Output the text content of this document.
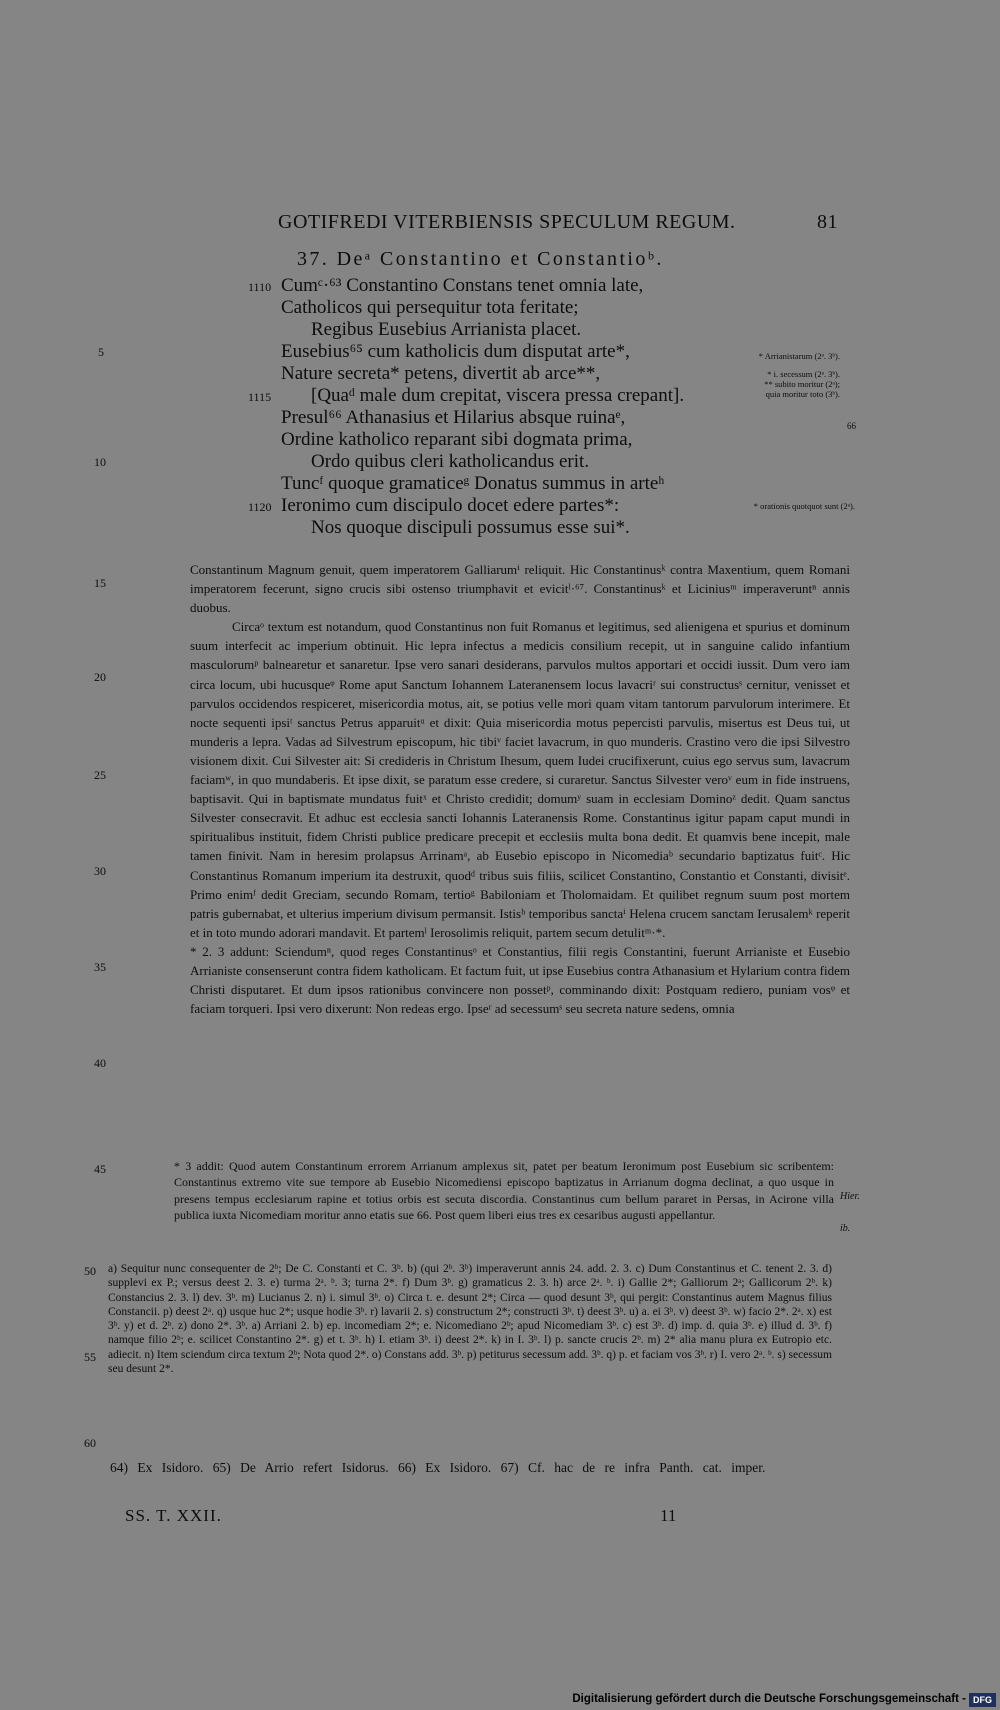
GOTIFREDI VITERBIENSIS SPECULUM REGUM.	81
37. Deᵃ Constantino et Constantioᵇ.
Cumᶜ·⁶³ Constantino Constans tenet omnia late,
1110
Catholicos qui persequitur tota feritate;
Regibus Eusebius Arrianista placet.
Eusebius⁶⁵ cum katholicis dum disputat arte*,
Nature secreta* petens, divertit ab arce**,
[Quaᵈ male dum crepitat, viscera pressa crepant].
1115
Presul⁶⁶ Athanasius et Hilarius absque ruinaᵉ,
Ordine katholico reparant sibi dogmata prima,
Ordo quibus cleri katholicandus erit.
Tuncᶠ quoque gramaticeᵍ Donatus summus in arteʰ
Ieronimo cum discipulo docet edere partes*:
1120
Nos quoque discipuli possumus esse sui*.
5
10
15
20
25
30
35
40
45
50
55
60
* Arrianistarum (2ᵃ. 3ᵇ).
* i. secessum (2ᵃ. 3ᵇ).
** subito moritur (2ᵃ);
quia moritur toto (3ᵇ).
* orationis quotquot sunt (2ᵃ).
66

Constantinum Magnum genuit, quem imperatorem Galliarumⁱ reliquit. Hic Constantinusᵏ contra Maxentium, quem Romani imperatorem fecerunt, signo crucis sibi ostenso triumphavit et evicitˡ·⁶⁷. Constantinusᵏ et Liciniusᵐ imperaveruntⁿ annis duobus.

Circaᵒ textum est notandum, quod Constantinus non fuit Romanus et legitimus, sed alienigena et spurius et dominum suum interfecit ac imperium obtinuit. Hic lepra infectus a medicis consilium recepit, ut in sanguine calido infantium masculorumᵖ balnearetur et sanaretur. Ipse vero sanari desiderans, parvulos multos apportari et occidi iussit. Dum vero iam circa locum, ubi hucusqueᵠ Rome aput Sanctum Iohannem Lateranensem locus lavacriʳ sui constructusˢ cernitur, venisset et parvulos occidendos respiceret, misericordia motus, ait, se potius velle mori quam vitam tantorum parvulorum interimere. Et nocte sequenti ipsiᵗ sanctus Petrus apparuitᵘ et dixit: Quia misericordia motus pepercisti parvulis, misertus est Deus tui, ut munderis a lepra. Vadas ad Silvestrum episcopum, hic tibiᵛ faciet lavacrum, in quo munderis. Crastino vero die ipsi Silvestro visionem dixit. Cui Silvester ait: Si credideris in Christum Ihesum, quem Iudei crucifixerunt, cuius ego servus sum, lavacrum faciamʷ, in quo mundaberis. Et ipse dixit, se paratum esse credere, si curaretur. Sanctus Silvester veroᵛ eum in fide instruens, baptisavit. Qui in baptismate mundatus fuitˣ et Christo credidit; domumʸ suam in ecclesiam Dominoᶻ dedit. Quam sanctus Silvester consecravit. Et adhuc est ecclesia sancti Iohannis Lateranensis Rome. Constantinus igitur papam caput mundi in spiritualibus instituit, fidem Christi publice predicare precepit et ecclesiis multa bona dedit. Et quamvis bene incepit, male tamen finivit. Nam in heresim prolapsus Arrinamᵃ, ab Eusebio episcopo in Nicomediaᵇ secundario baptizatus fuitᶜ. Hic Constantinus Romanum imperium ita destruxit, quodᵈ tribus suis filiis, scilicet Constantino, Constantio et Constanti, divisitᵉ. Primo enimᶠ dedit Greciam, secundo Romam, tertioᵍ Babiloniam et Tholomaidam. Et quilibet regnum suum post mortem patris gubernabat, et ulterius imperium divisum permansit. Istisʰ temporibus sanctaⁱ Helena crucem sanctam Ierusalemᵏ reperit et in toto mundo adorari mandavit. Et partemˡ Ierosolimis reliquit, partem secum detulitᵐ·*.

* 2. 3 addunt: Sciendumⁿ, quod reges Constantinusᵒ et Constantius, filii regis Constantini, fuerunt Arrianiste et Eusebio Arrianiste consenserunt contra fidem katholicam. Et factum fuit, ut ipse Eusebius contra Athanasium et Hylarium contra fidem Christi disputaret. Et dum ipsos rationibus convincere non possetᵖ, comminando dixit: Postquam rediero, puniam vosᵠ et faciam torqueri. Ipsi vero dixerunt: Non redeas ergo. Ipseʳ ad secessumˢ seu secreta nature sedens, omnia

* 3 addit: Quod autem Constantinum errorem Arrianum amplexus sit, patet per beatum Ieronimum post Eusebium sic scribentem: Constantinus extremo vite sue tempore ab Eusebio Nicomediensi episcopo baptizatus in Arrianum dogma declinat, a quo usque in presens tempus ecclesiarum rapine et totius orbis est secuta discordia. Constantinus cum bellum pararet in Persas, in Acirone villa publica iuxta Nicomediam moritur anno etatis sue 66. Post quem liberi eius tres ex cesaribus augusti appellantur.
Hier.
ib.
a) Sequitur nunc consequenter de 2ᵇ; De C. Constanti et C. 3ᵇ. b) (qui 2ᵇ. 3ᵇ) imperaverunt annis 24. add. 2. 3. c) Dum Constantinus et C. tenent 2. 3. d) supplevi ex P.; versus deest 2. 3. e) turma 2ᵃ. ᵇ. 3; turna 2*. f) Dum 3ᵇ. g) gramaticus 2. 3. h) arce 2ᵃ. ᵇ. i) Gallie 2*; Galliorum 2ᵃ; Gallicorum 2ᵇ. k) Constancius 2. 3. l) dev. 3ᵇ. m) Lucianus 2. n) i. simul 3ᵇ. o) Circa t. e. desunt 2*; Circa — quod desunt 3ᵇ, qui pergit: Constantinus autem Magnus filius Constancii. p) deest 2ᵃ. q) usque huc 2*; usque hodie 3ᵇ. r) lavarii 2. s) constructum 2*; constructi 3ᵇ. t) deest 3ᵇ. u) a. ei 3ᵇ. v) deest 3ᵇ. w) facio 2*. 2ᵃ. x) est 3ᵇ. y) et d. 2ᵇ. z) dono 2*. 3ᵇ. a) Arriani 2. b) ep. incomediam 2*; e. Nicomediano 2ᵇ; apud Nicomediam 3ᵇ. c) est 3ᵇ. d) imp. d. quia 3ᵇ. e) illud d. 3ᵇ. f) namque filio 2ᵇ; e. scilicet Constantino 2*. g) et t. 3ᵇ. h) I. etiam 3ᵇ. i) deest 2*. k) in I. 3ᵇ. l) p. sancte crucis 2ᵇ. m) 2* alia manu plura ex Eutropio etc. adiecit. n) Item sciendum circa textum 2ᵇ; Nota quod 2*. o) Constans add. 3ᵇ. p) petiturus secessum add. 3ᵇ. q) p. et faciam vos 3ᵇ. r) I. vero 2ᵃ. ᵇ. s) secessum seu desunt 2*.
64) Ex Isidoro. 65) De Arrio refert Isidorus. 66) Ex Isidoro. 67) Cf. hac de re infra Panth. cat. imper.
SS. T. XXII.	11
Digitalisierung gefördert durch die Deutsche Forschungsgemeinschaft - DFG
